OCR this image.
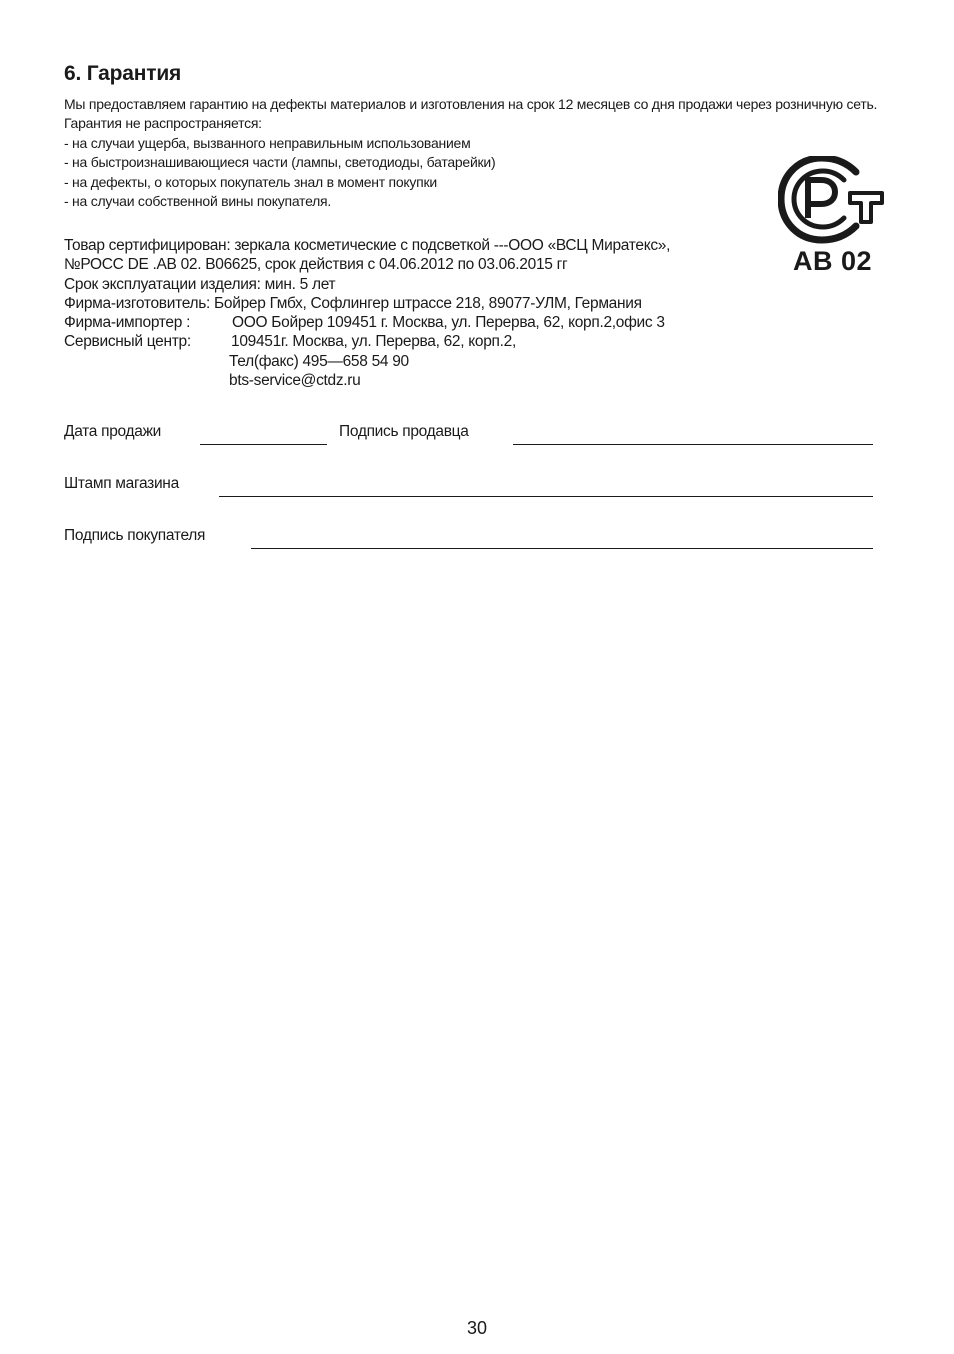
6. Гарантия

Мы предоставляем гарантию на дефекты материалов и изготовления на срок 12 месяцев со дня продажи через розничную сеть.

Гарантия не распространяется:

- на случаи ущерба, вызванного неправильным использованием

- на быстроизнашивающиеся части (лампы, светодиоды, батарейки)

- на дефекты, о которых покупатель знал в момент покупки

- на случаи собственной вины покупателя.

АВ 02

Товар сертифицирован: зеркала косметические с подсветкой ---ООО «ВСЦ Миратекс»,

№РОСС DE .АВ 02. В06625, срок действия с 04.06.2012 по 03.06.2015 гг

Срок эксплуатации изделия: мин. 5 лет

Фирма-изготовитель: Бойрер Гмбх, Софлингер штрассе 218, 89077-УЛМ, Германия

Фирма-импортер :	ООО Бойрер 109451 г. Москва, ул. Перерва, 62, корп.2,офис 3
Сервисный центр:	109451г. Москва, ул. Перерва, 62, корп.2,

Тел(факс) 495—658 54 90

bts-service@ctdz.ru

Дата продажи	Подпись продавца
Штамп магазина
Подпись покупателя
30
